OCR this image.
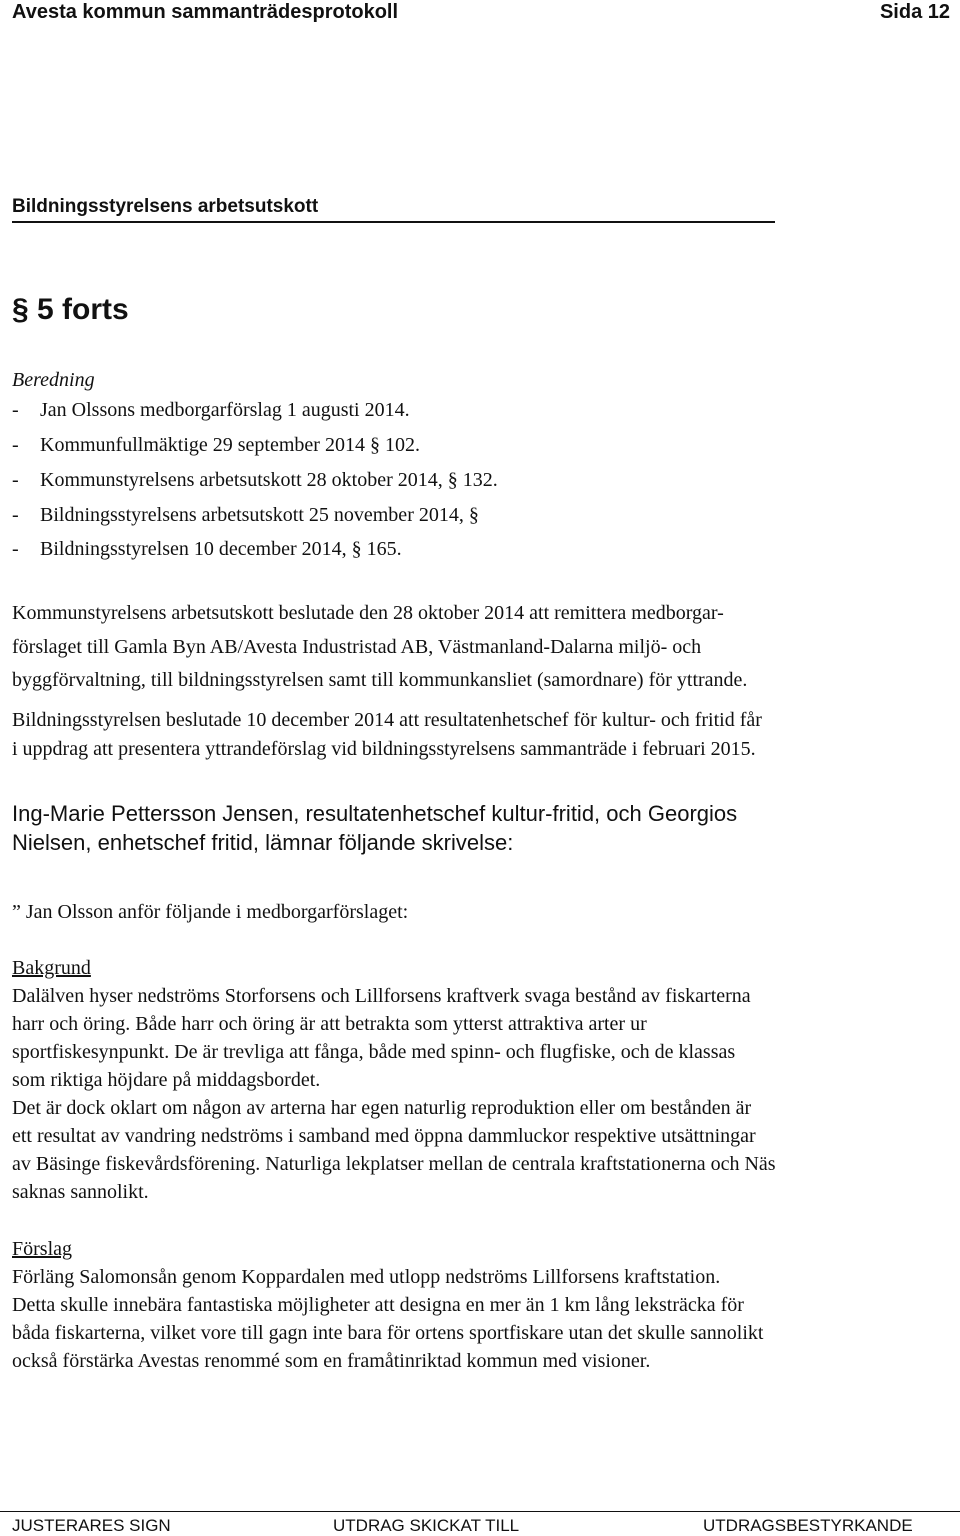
Avesta kommun sammanträdesprotokoll	Sida 12
Bildningsstyrelsens arbetsutskott
§ 5 forts
Beredning
- Jan Olssons medborgarförslag 1 augusti 2014.
- Kommunfullmäktige 29 september 2014 § 102.
- Kommunstyrelsens arbetsutskott 28 oktober 2014, § 132.
- Bildningsstyrelsens arbetsutskott 25 november 2014, §
- Bildningsstyrelsen 10 december 2014, § 165.
Kommunstyrelsens arbetsutskott beslutade den 28 oktober 2014 att remittera medborgar-
förslaget till Gamla Byn AB/Avesta Industristad AB, Västmanland-Dalarna miljö- och
byggförvaltning, till bildningsstyrelsen samt till kommunkansliet (samordnare) för yttrande.
Bildningsstyrelsen beslutade 10 december 2014 att resultatenhetschef för kultur- och fritid får
i uppdrag att presentera yttrandeförslag vid bildningsstyrelsens sammanträde i februari 2015.
Ing-Marie Pettersson Jensen, resultatenhetschef kultur-fritid, och Georgios
Nielsen, enhetschef fritid, lämnar följande skrivelse:
” Jan Olsson anför följande i medborgarförslaget:
Bakgrund
Dalälven hyser nedströms Storforsens och Lillforsens kraftverk svaga bestånd av fiskarterna
harr och öring. Både harr och öring är att betrakta som ytterst attraktiva arter ur
sportfiskesynpunkt. De är trevliga att fånga, både med spinn- och flugfiske, och de klassas
som riktiga höjdare på middagsbordet.
Det är dock oklart om någon av arterna har egen naturlig reproduktion eller om bestånden är
ett resultat av vandring nedströms i samband med öppna dammluckor respektive utsättningar
av Bäsinge fiskevårdsförening. Naturliga lekplatser mellan de centrala kraftstationerna och Näs
saknas sannolikt.
Förslag
Förläng Salomonsån genom Koppardalen med utlopp nedströms Lillforsens kraftstation.
Detta skulle innebära fantastiska möjligheter att designa en mer än 1 km lång leksträcka för
båda fiskarterna, vilket vore till gagn inte bara för ortens sportfiskare utan det skulle sannolikt
också förstärka Avestas renommé som en framåtinriktad kommun med visioner.
JUSTERARES SIGN	UTDRAG SKICKAT TILL	UTDRAGSBESTYRKANDE
